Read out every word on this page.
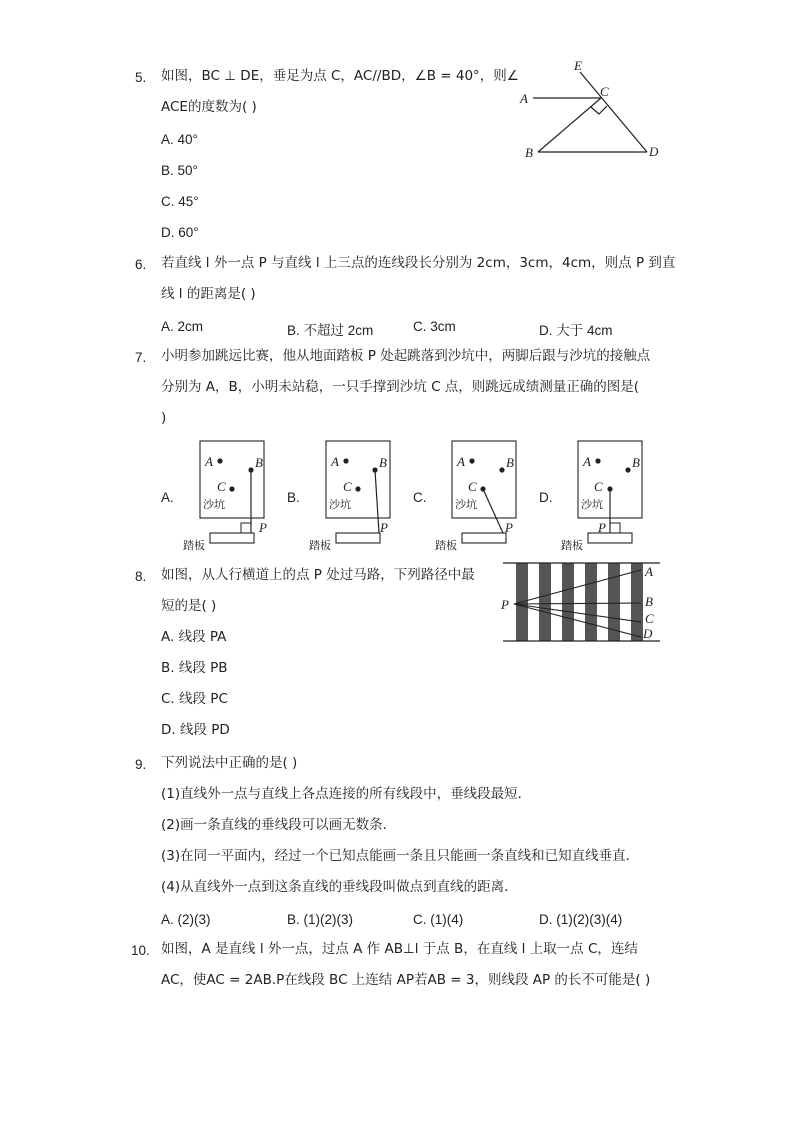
5. 如图，BC ⊥ DE，垂足为点 C，AC//BD，∠B = 40°，则∠
ACE的度数为( )
A. 40°
B. 50°
C. 45°
D. 60°
E
A	C
B	D
6. 若直线 l 外一点 P 与直线 l 上三点的连线段长分别为 2cm，3cm，4cm，则点 P 到直
线 l 的距离是( )
A. 2cm	B. 不超过 2cm	C. 3cm	D. 大于 4cm
7. 小明参加跳远比赛，他从地面踏板 P 处起跳落到沙坑中，两脚后跟与沙坑的接触点
分别为 A，B，小明未站稳，一只手撑到沙坑 C 点，则跳远成绩测量正确的图是(
)
A.	B.	C.	D.
A	B
C
P
沙坑
踏板
A	B
C
P
沙坑
踏板
A	B
C
P
沙坑
踏板
A	B
C
P
沙坑
踏板
8. 如图，从人行横道上的点 P 处过马路，下列路径中最
短的是( )
A. 线段 PA
B. 线段 PB
C. 线段 PC
D. 线段 PD
P
A
B
C
D
9. 下列说法中正确的是( )
(1)直线外一点与直线上各点连接的所有线段中，垂线段最短．
(2)画一条直线的垂线段可以画无数条．
(3)在同一平面内，经过一个已知点能画一条且只能画一条直线和已知直线垂直．
(4)从直线外一点到这条直线的垂线段叫做点到直线的距离．
A. (2)(3)	B. (1)(2)(3)	C. (1)(4)	D. (1)(2)(3)(4)
10. 如图，A 是直线 l 外一点，过点 A 作 AB⊥l 于点 B，在直线 l 上取一点 C，连结
AC，使AC = 2AB.P在线段 BC 上连结 AP若AB = 3，则线段 AP 的长不可能是( )
